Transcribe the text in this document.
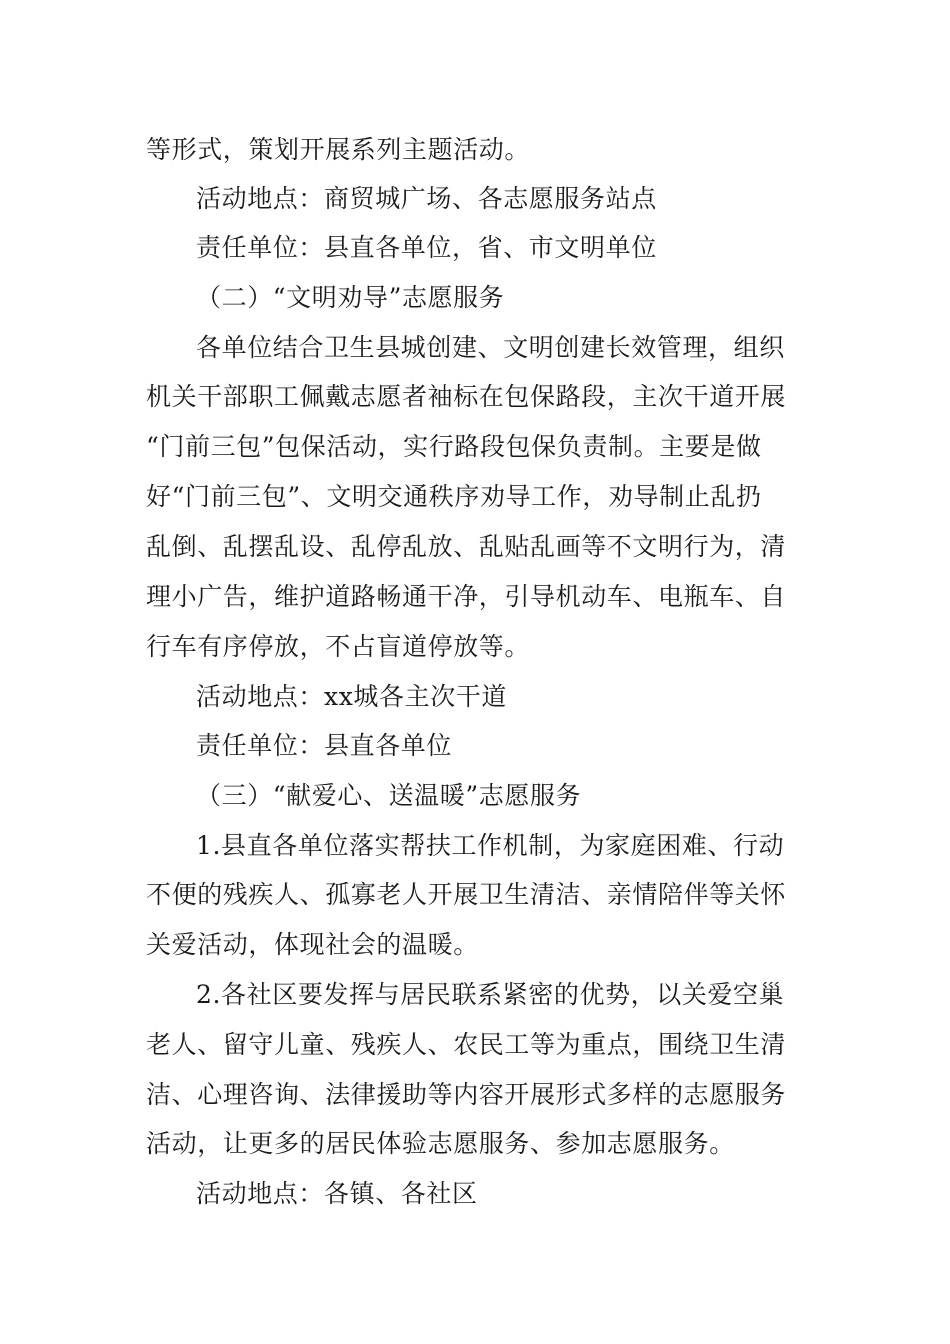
等形式，策划开展系列主题活动。
活动地点：商贸城广场、各志愿服务站点
责任单位：县直各单位，省、市文明单位
（二）“文明劝导”志愿服务
各单位结合卫生县城创建、文明创建长效管理，组织
机关干部职工佩戴志愿者袖标在包保路段，主次干道开展
“门前三包”包保活动，实行路段包保负责制。主要是做
好“门前三包”、文明交通秩序劝导工作，劝导制止乱扔
乱倒、乱摆乱设、乱停乱放、乱贴乱画等不文明行为，清
理小广告，维护道路畅通干净，引导机动车、电瓶车、自
行车有序停放，不占盲道停放等。
活动地点：xx城各主次干道
责任单位：县直各单位
（三）“献爱心、送温暖”志愿服务
1.县直各单位落实帮扶工作机制，为家庭困难、行动
不便的残疾人、孤寡老人开展卫生清洁、亲情陪伴等关怀
关爱活动，体现社会的温暖。
2.各社区要发挥与居民联系紧密的优势，以关爱空巢
老人、留守儿童、残疾人、农民工等为重点，围绕卫生清
洁、心理咨询、法律援助等内容开展形式多样的志愿服务
活动，让更多的居民体验志愿服务、参加志愿服务。
活动地点：各镇、各社区
